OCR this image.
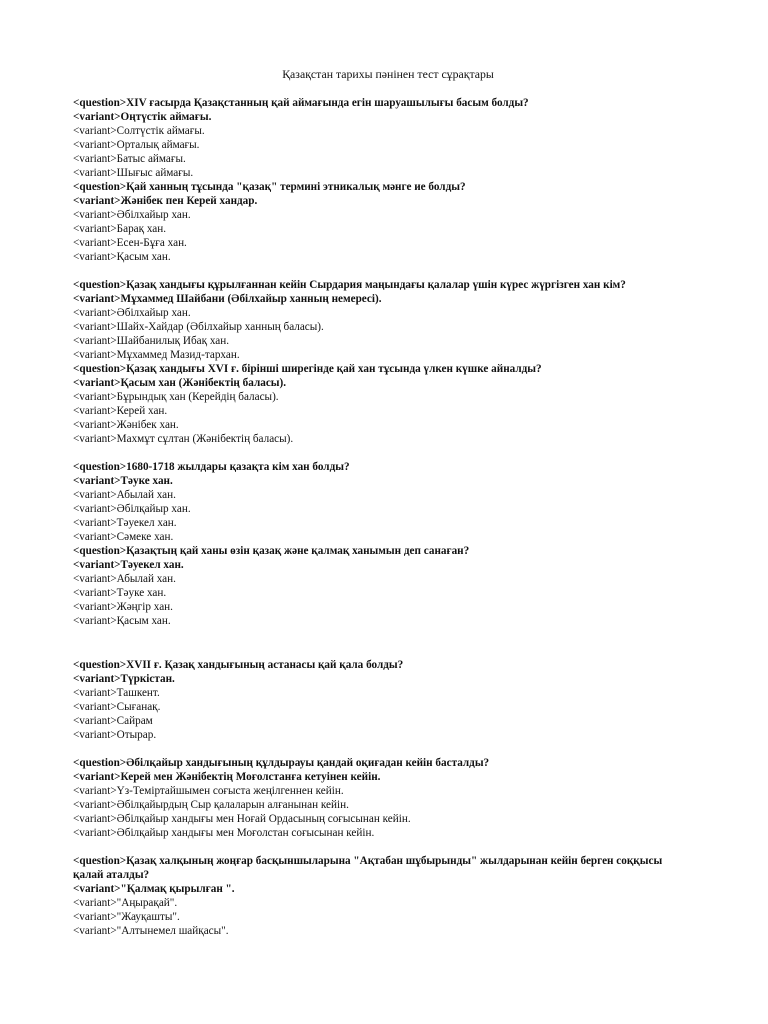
Қазақстан тарихы пәнінен тест сұрақтары
<question>XIV ғасырда Қазақстанның қай аймағында егін шаруашылығы басым болды?
<variant>Оңтүстік аймағы.
<variant>Солтүстік аймағы.
<variant>Орталық аймағы.
<variant>Батыс аймағы.
<variant>Шығыс аймағы.
<question>Қай ханның тұсында "қазақ" термині этникалық мәнге ие болды?
<variant>Жәнібек пен Керей хандар.
<variant>Әбілхайыр хан.
<variant>Барақ хан.
<variant>Есен-Бұға хан.
<variant>Қасым хан.
<question>Қазақ хандығы құрылғаннан кейін Сырдария маңындағы қалалар үшін күрес жүргізген хан кім?
<variant>Мұхаммед Шайбани (Әбілхайыр ханның немересі).
<variant>Әбілхайыр хан.
<variant>Шайх-Хайдар (Әбілхайыр ханның баласы).
<variant>Шайбанилық Ибақ хан.
<variant>Мұхаммед Мазид-тархан.
<question>Қазақ хандығы XVI ғ. бірінші ширегінде қай хан тұсында үлкен күшке айналды?
<variant>Қасым хан (Жәнібектің баласы).
<variant>Бұрындық хан (Керейдің баласы).
<variant>Керей хан.
<variant>Жәнібек хан.
<variant>Махмұт сұлтан (Жәнібектің баласы).
<question>1680-1718 жылдары қазақта кім хан болды?
<variant>Тәуке хан.
<variant>Абылай хан.
<variant>Әбілқайыр хан.
<variant>Тәуекел хан.
<variant>Сәмеке хан.
<question>Қазақтың қай ханы өзін қазақ және қалмақ ханымын деп санаған?
<variant>Тәуекел хан.
<variant>Абылай хан.
<variant>Тәуке хан.
<variant>Жәңгір хан.
<variant>Қасым хан.
<question>XVII ғ. Қазақ хандығының астанасы қай қала болды?
<variant>Түркістан.
<variant>Ташкент.
<variant>Сығанақ.
<variant>Сайрам
<variant>Отырар.
<question>Әбілқайыр хандығының құлдырауы қандай оқиғадан кейін басталды?
<variant>Керей мен Жәнібектің Моғолстанға кетуінен кейін.
<variant>Үз-Темiртайшымен соғыста жеңілгеннен кейін.
<variant>Әбілқайырдың Сыр қалаларын алғанынан кейін.
<variant>Әбілқайыр хандығы мен Ноғай Ордасының соғысынан кейін.
<variant>Әбілқайыр хандығы мен Моғолстан соғысынан кейін.
<question>Қазақ халқының жоңғар басқыншыларына "Ақтабан шұбырынды" жылдарынан кейін берген соққысы қалай аталды?
<variant>"Қалмақ қырылған ".
<variant>"Аңырақай".
<variant>"Жауқашты".
<variant>"Алтынемел шайқасы".
